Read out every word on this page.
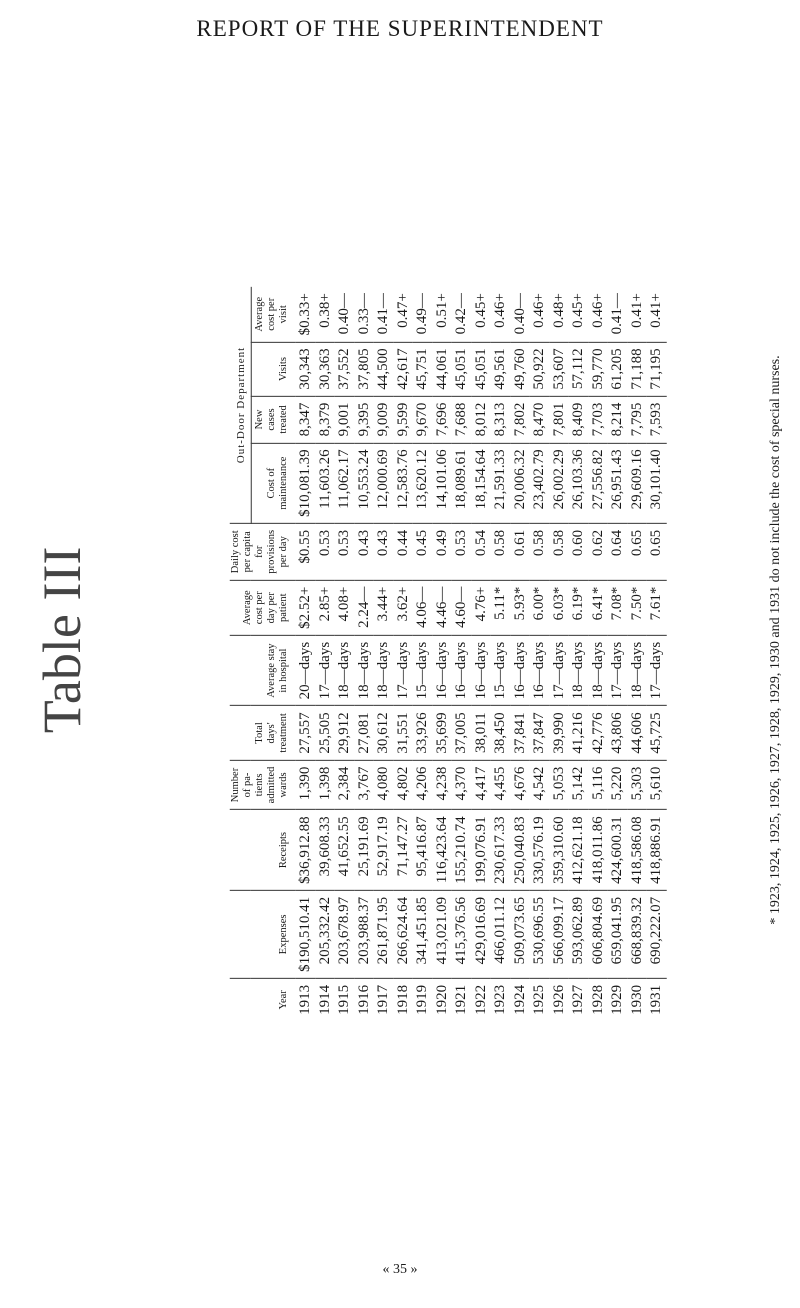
REPORT OF THE SUPERINTENDENT
Table III
Year	Expenses	Receipts	Number of pa-tients admitted wards	Total days' treatment	Average stay in hospital	Average cost per day per patient	Daily cost per capita for provisions per day	Out-Door Department			
								Cost of maintenance	New cases treated	Visits	Average cost per visit
1913	$190,510.41	$36,912.88	1,390	27,557	20—days	$2.52+	$0.55	$10,081.39	8,347	30,343	$0.33+
1914	205,332.42	39,608.33	1,398	25,505	17—days	2.85+	0.53	11,603.26	8,379	30,363	0.38+
1915	203,678.97	41,652.55	2,384	29,912	18—days	4.08+	0.53	11,062.17	9,001	37,552	0.40—
1916	203,988.37	25,191.69	3,767	27,081	18—days	2.24—	0.43	10,553.24	9,395	37,805	0.33—
1917	261,871.95	52,917.19	4,080	30,612	18—days	3.44+	0.43	12,000.69	9,009	44,500	0.41—
1918	266,624.64	71,147.27	4,802	31,551	17—days	3.62+	0.44	12,583.76	9,599	42,617	0.47+
1919	341,451.85	95,416.87	4,206	33,926	15—days	4.06—	0.45	13,620.12	9,670	45,751	0.49—
1920	413,021.09	116,423.64	4,238	35,699	16—days	4.46—	0.49	14,101.06	7,696	44,061	0.51+
1921	415,376.56	155,210.74	4,370	37,005	16—days	4.60—	0.53	18,089.61	7,688	45,051	0.42—
1922	429,016.69	199,076.91	4,417	38,011	16—days	4.76+	0.54	18,154.64	8,012	45,051	0.45+
1923	466,011.12	230,617.33	4,455	38,450	15—days	5.11*	0.58	21,591.33	8,313	49,561	0.46+
1924	509,073.65	250,040.83	4,676	37,841	16—days	5.93*	0.61	20,006.32	7,802	49,760	0.40—
1925	530,696.55	330,576.19	4,542	37,847	16—days	6.00*	0.58	23,402.79	8,470	50,922	0.46+
1926	566,099.17	359,310.60	5,053	39,990	17—days	6.03*	0.58	26,002.29	7,801	53,607	0.48+
1927	593,062.89	412,621.18	5,142	41,216	18—days	6.19*	0.60	26,103.36	8,409	57,112	0.45+
1928	606,804.69	418,011.86	5,116	42,776	18—days	6.41*	0.62	27,556.82	7,703	59,770	0.46+
1929	659,041.95	424,600.31	5,220	43,806	17—days	7.08*	0.64	26,951.43	8,214	61,205	0.41—
1930	668,839.32	418,586.08	5,303	44,606	18—days	7.50*	0.65	29,609.16	7,795	71,188	0.41+
1931	690,222.07	418,886.91	5,610	45,725	17—days	7.61*	0.65	30,101.40	7,593	71,195	0.41+
* 1923, 1924, 1925, 1926, 1927, 1928, 1929, 1930 and 1931 do not include the cost of special nurses.
« 35 »
